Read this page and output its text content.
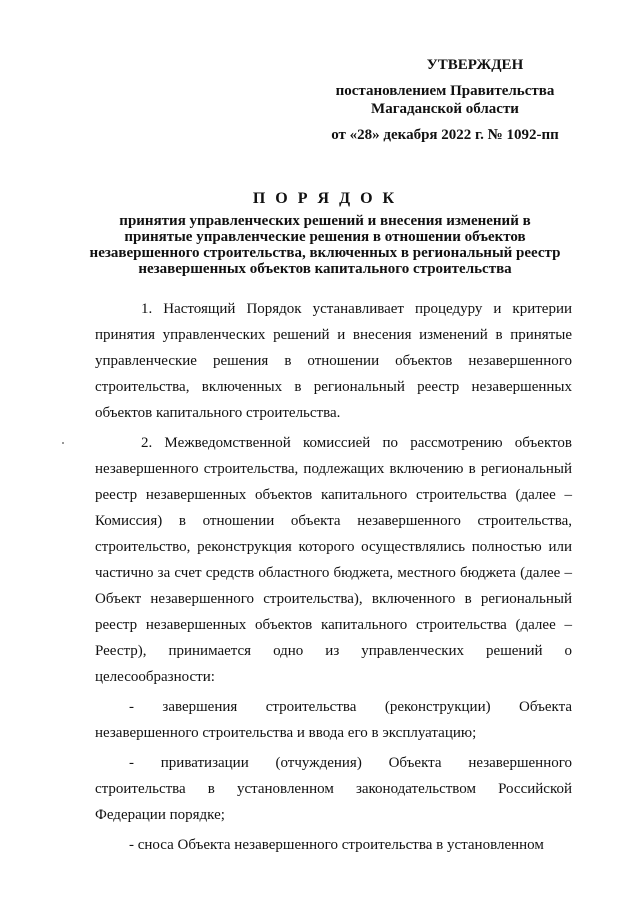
УТВЕРЖДЕН
постановлением Правительства
Магаданской области
от «28» декабря 2022 г. № 1092-пп
П О Р Я Д О К
принятия управленческих решений и внесения изменений в
принятые управленческие решения в отношении объектов
незавершенного строительства, включенных в региональный реестр
незавершенных объектов капитального строительства

1. Настоящий Порядок устанавливает процедуру и критерии принятия управленческих решений и внесения изменений в принятые управленческие решения в отношении объектов незавершенного строительства, включенных в региональный реестр незавершенных объектов капитального строительства.

2. Межведомственной комиссией по рассмотрению объектов незавершенного строительства, подлежащих включению в региональный реестр незавершенных объектов капитального строительства (далее – Комиссия) в отношении объекта незавершенного строительства, строительство, реконструкция которого осуществлялись полностью или частично за счет средств областного бюджета, местного бюджета (далее – Объект незавершенного строительства), включенного в региональный реестр незавершенных объектов капитального строительства (далее – Реестр), принимается одно из управленческих решений о целесообразности:

- завершения строительства (реконструкции) Объекта незавершенного строительства и ввода его в эксплуатацию;

- приватизации (отчуждения) Объекта незавершенного строительства в установленном законодательством Российской Федерации порядке;

- сноса Объекта незавершенного строительства в установленном
